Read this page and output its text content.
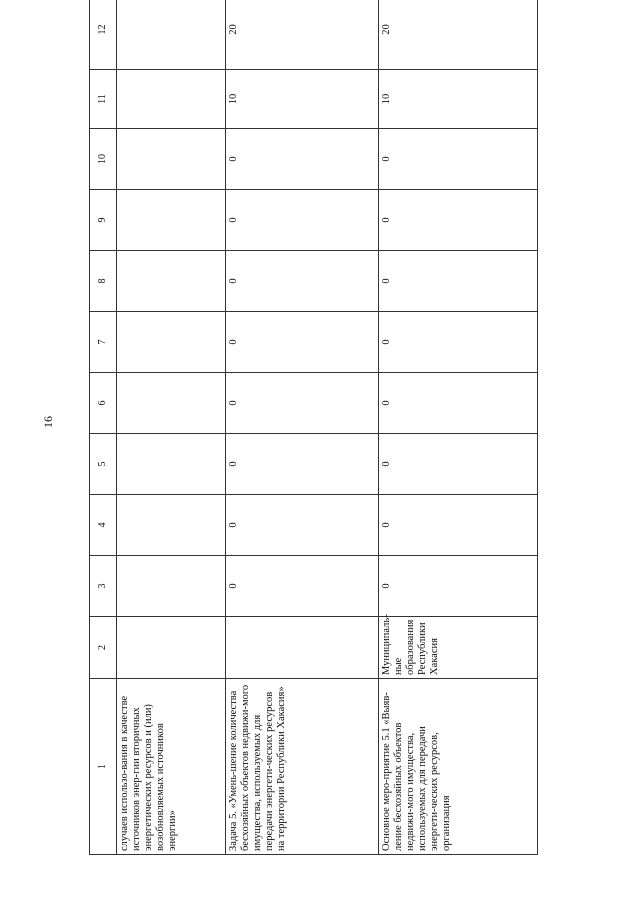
16
1	2	3	4	5	6	7	8	9	10	11	12

случаев использо-вания в качестве источников энер-гии вторичных энергетических ресурсов и (или) возобновляемых источников энергии»											

Задача 5. «Умень-шение количества бесхозяйных объектов недвижи-мого имущества, используемых для передачи энергети-ческих ресурсов на территории Республики Хакасия»		0	0	0	0	0	0	0	0	10	20

Основное меро-приятие 5.1 «Выяв-ление бесхозяйных объектов недвижи-мого имущества, используемых для передачи энергети-ческих ресурсов, организация	Муниципаль-ные образования Республики Хакасия	0	0	0	0	0	0	0	0	10	20
